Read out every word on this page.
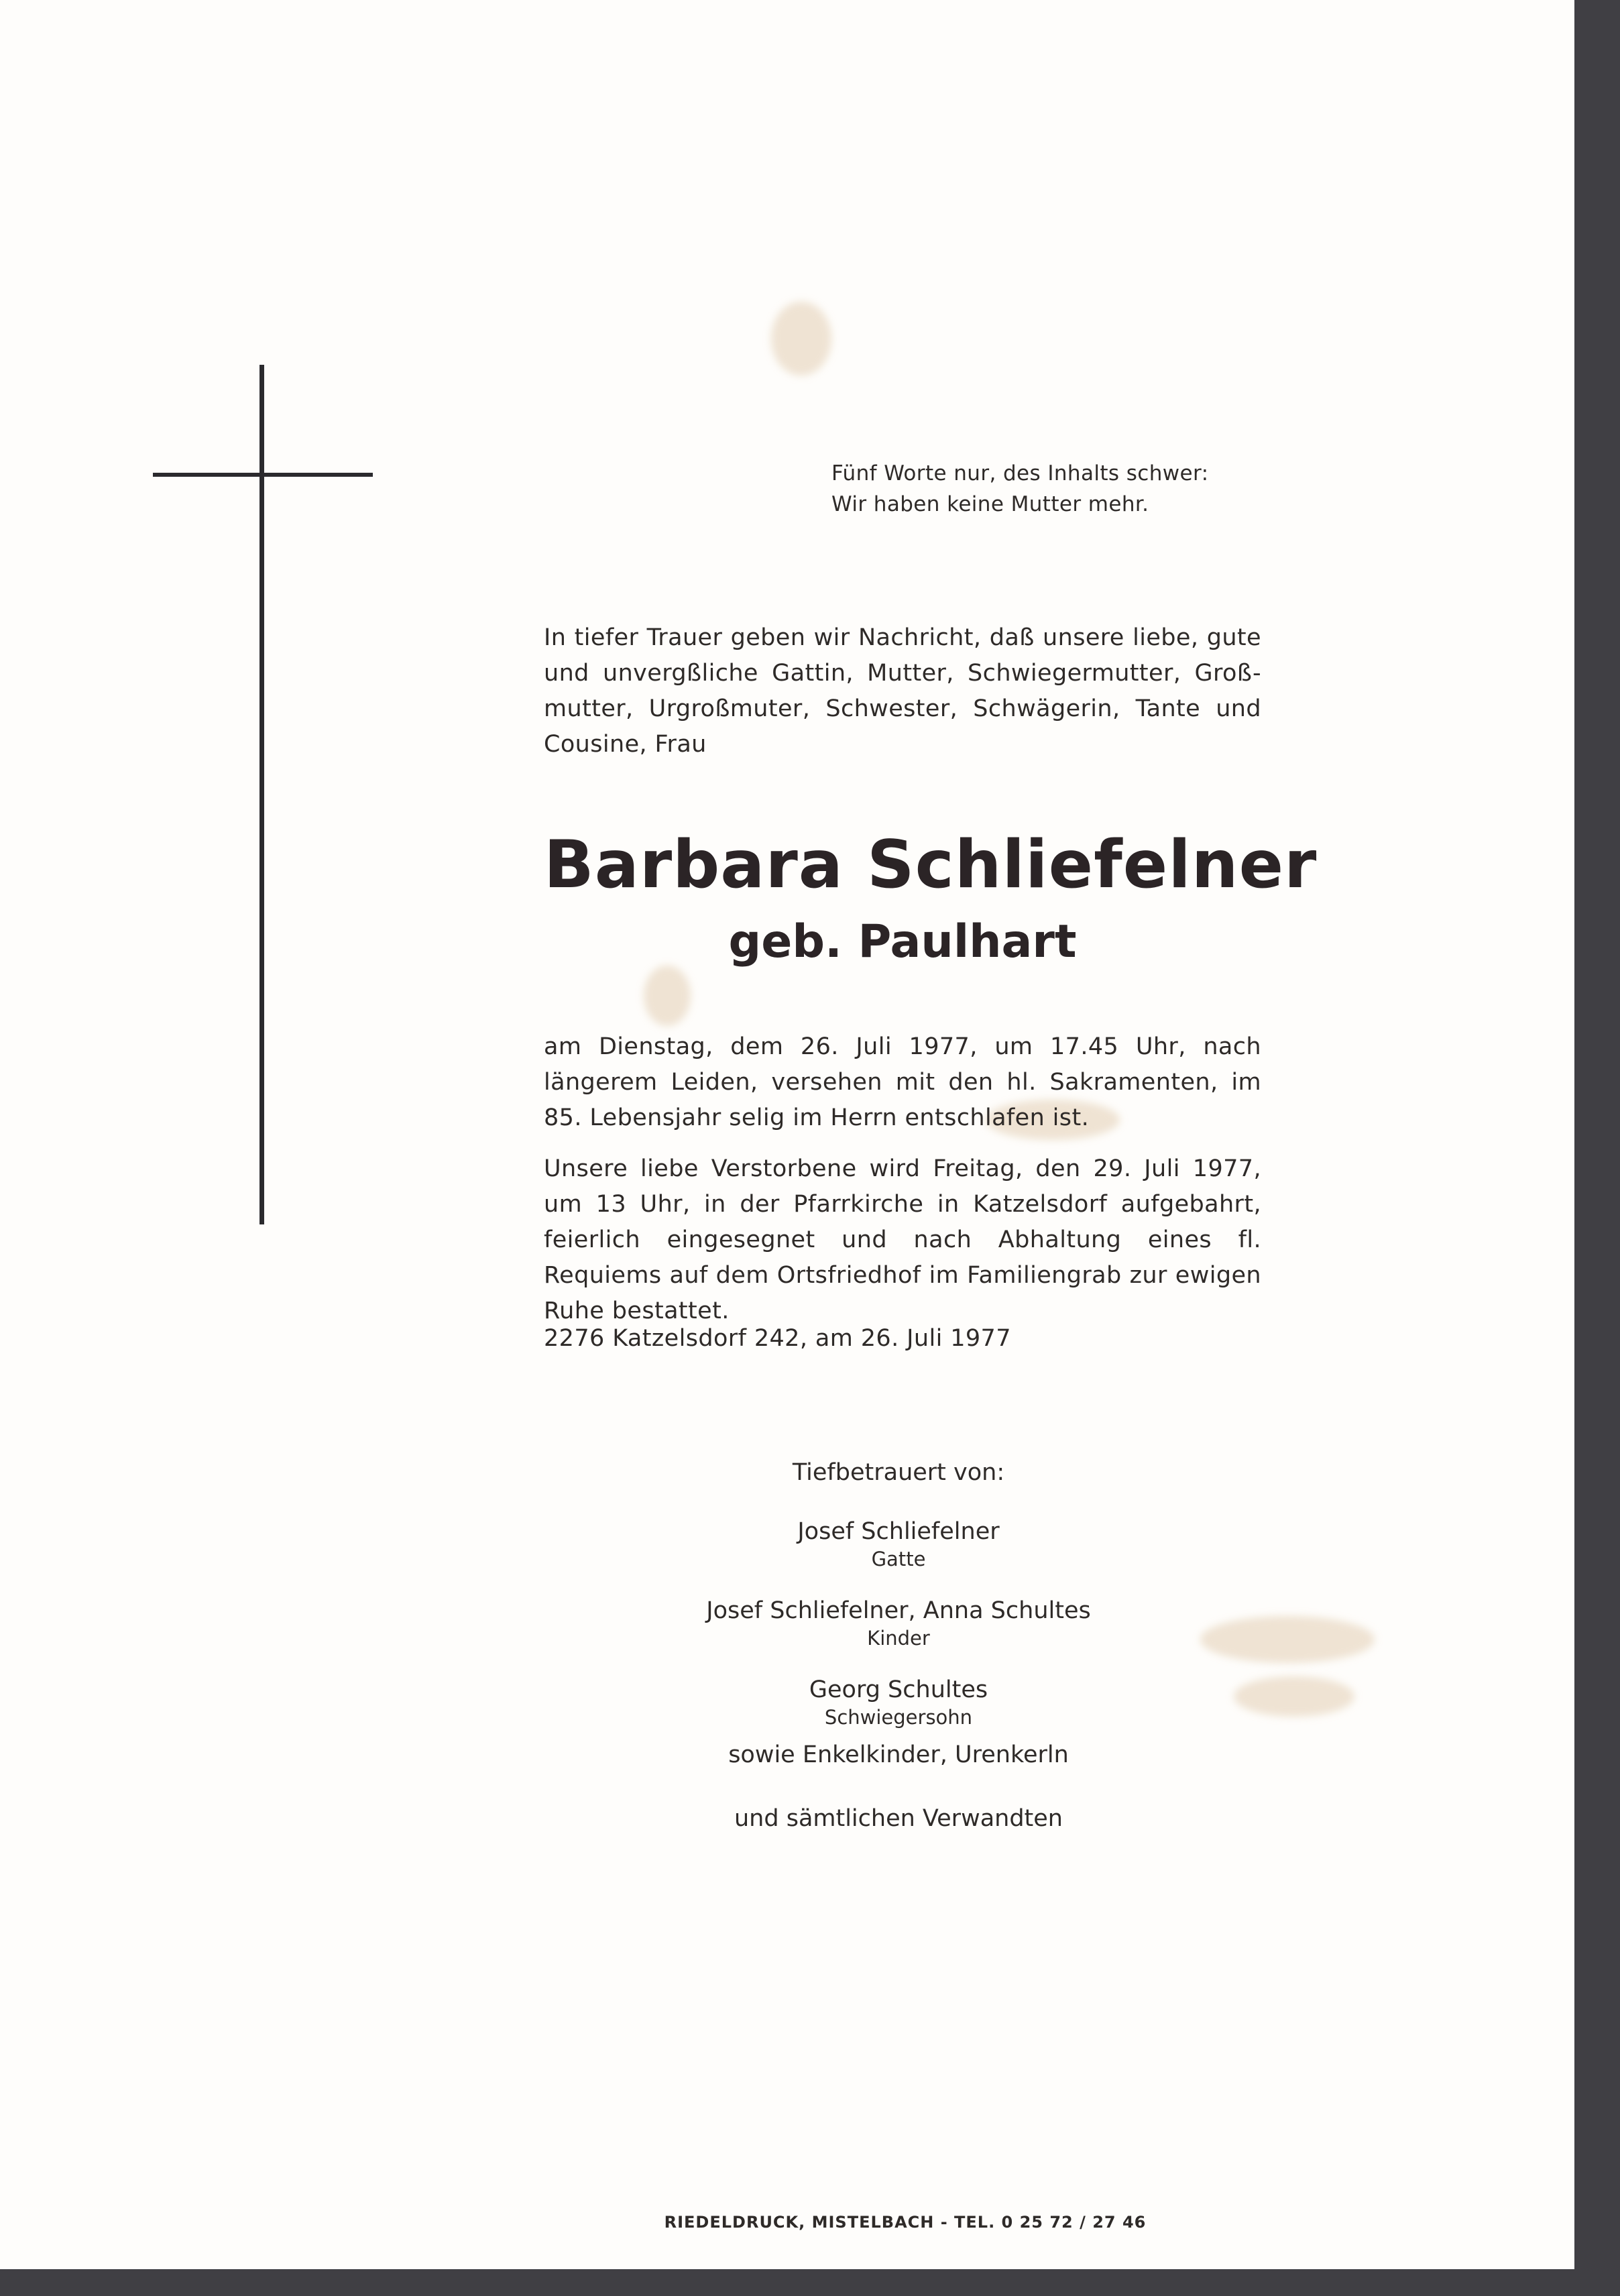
Fünf Worte nur, des Inhalts schwer:
Wir haben keine Mutter mehr.

In tiefer Trauer geben wir Nachricht, daß unsere liebe, gute und unvergßliche Gattin, Mutter, Schwiegermutter, Groß-mutter, Urgroßmuter, Schwester, Schwägerin, Tante und Cousine, Frau

Barbara Schliefelner
geb. Paulhart

am Dienstag, dem 26. Juli 1977, um 17.45 Uhr, nach längerem Leiden, versehen mit den hl. Sakramenten, im 85. Lebensjahr selig im Herrn entschlafen ist.

Unsere liebe Verstorbene wird Freitag, den 29. Juli 1977, um 13 Uhr, in der Pfarrkirche in Katzelsdorf aufgebahrt, feierlich eingesegnet und nach Abhaltung eines fl. Requiems auf dem Ortsfriedhof im Familiengrab zur ewigen Ruhe bestattet.

2276 Katzelsdorf 242, am 26. Juli 1977

Tiefbetrauert von:
Josef Schliefelner
Gatte
Josef Schliefelner, Anna Schultes
Kinder
Georg Schultes
Schwiegersohn
sowie Enkelkinder, Urenkerln
und sämtlichen Verwandten
RIEDELDRUCK, MISTELBACH - TEL. 0 25 72 / 27 46
